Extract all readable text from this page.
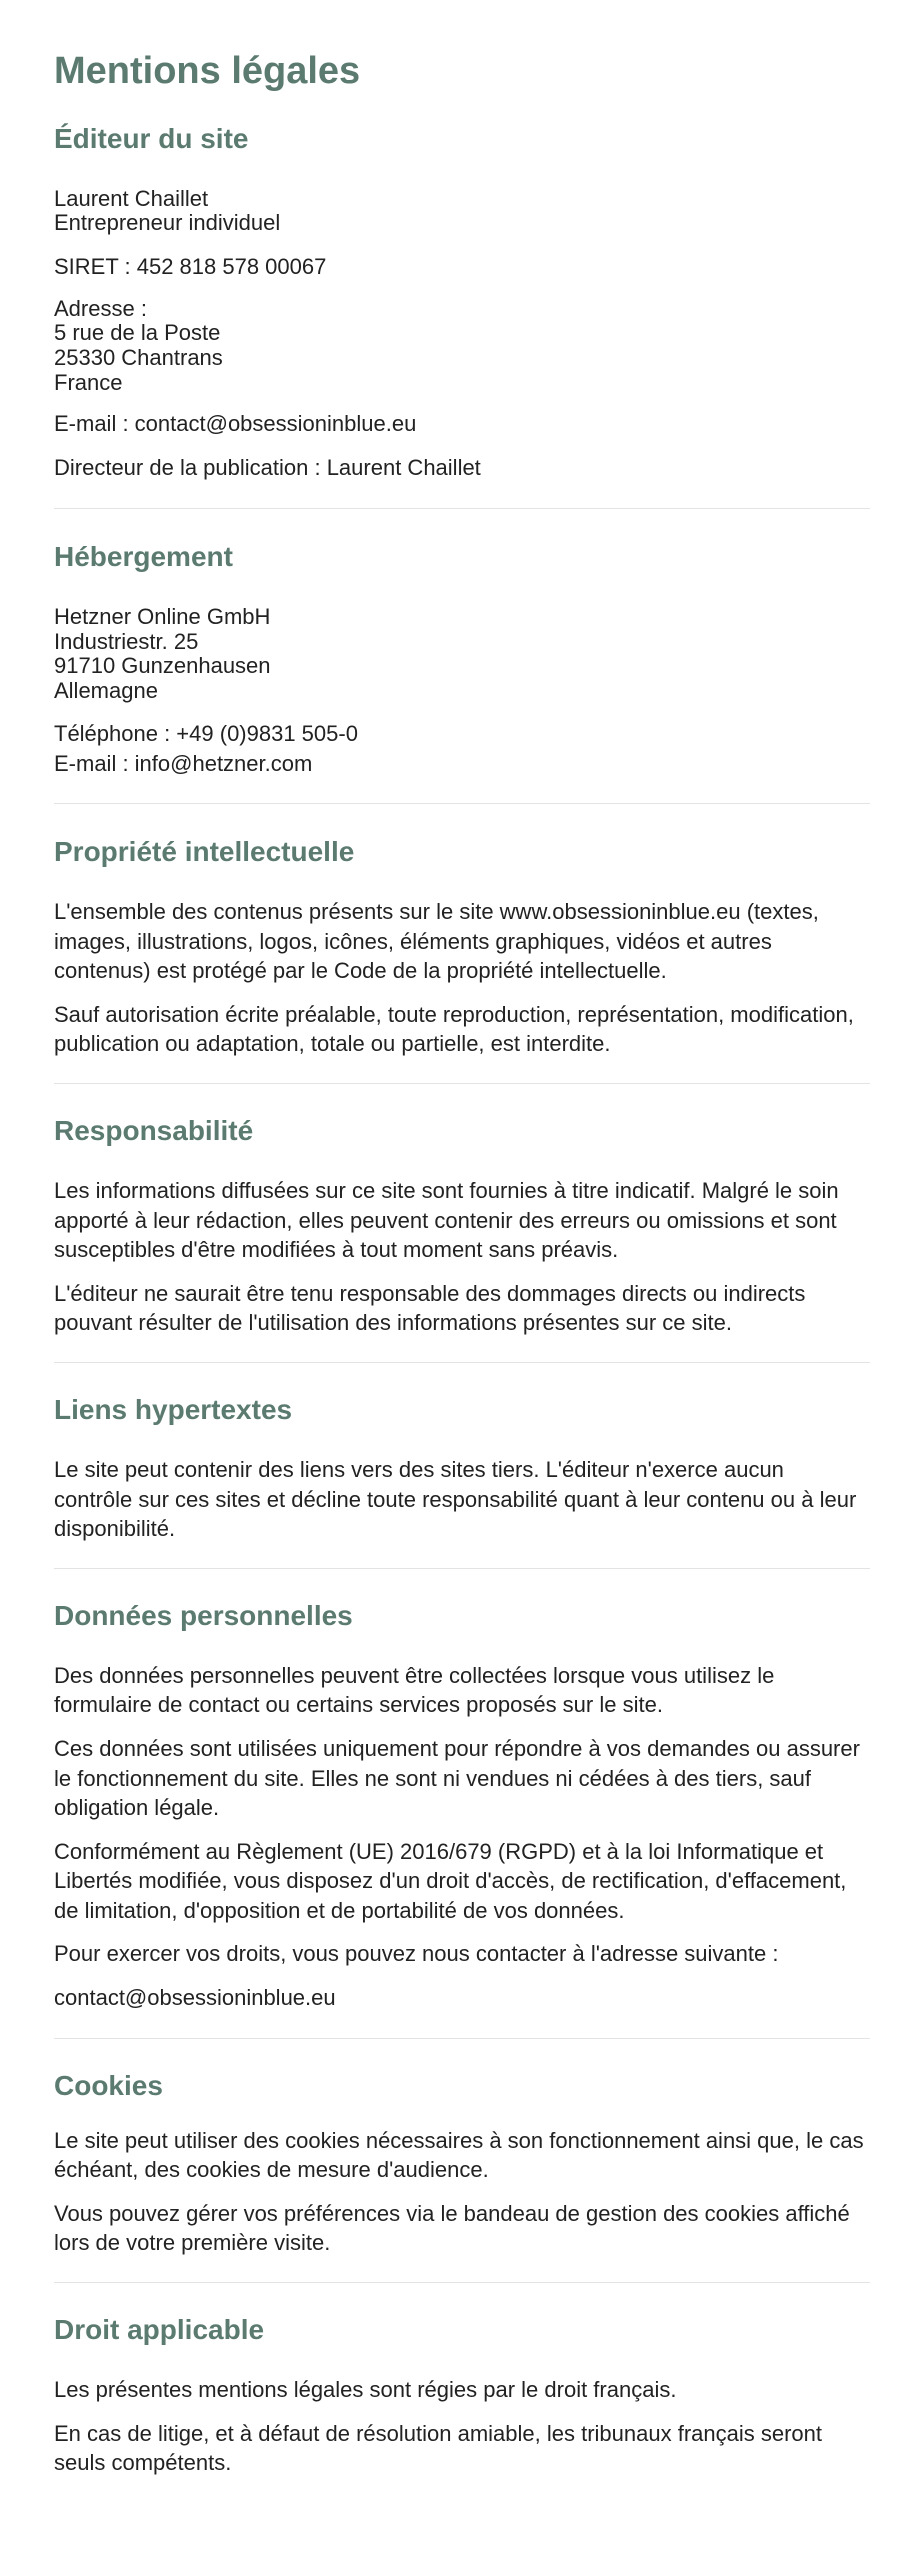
Mentions légales
Éditeur du site
Laurent Chaillet
Entrepreneur individuel
SIRET : 452 818 578 00067
Adresse :
5 rue de la Poste
25330 Chantrans
France
E-mail : contact@obsessioninblue.eu
Directeur de la publication : Laurent Chaillet
Hébergement
Hetzner Online GmbH
Industriestr. 25
91710 Gunzenhausen
Allemagne
Téléphone : +49 (0)9831 505-0
E-mail : info@hetzner.com
Propriété intellectuelle
L'ensemble des contenus présents sur le site www.obsessioninblue.eu (textes,
images, illustrations, logos, icônes, éléments graphiques, vidéos et autres
contenus) est protégé par le Code de la propriété intellectuelle.
Sauf autorisation écrite préalable, toute reproduction, représentation, modification,
publication ou adaptation, totale ou partielle, est interdite.
Responsabilité
Les informations diffusées sur ce site sont fournies à titre indicatif. Malgré le soin
apporté à leur rédaction, elles peuvent contenir des erreurs ou omissions et sont
susceptibles d'être modifiées à tout moment sans préavis.
L'éditeur ne saurait être tenu responsable des dommages directs ou indirects
pouvant résulter de l'utilisation des informations présentes sur ce site.
Liens hypertextes
Le site peut contenir des liens vers des sites tiers. L'éditeur n'exerce aucun
contrôle sur ces sites et décline toute responsabilité quant à leur contenu ou à leur
disponibilité.
Données personnelles
Des données personnelles peuvent être collectées lorsque vous utilisez le
formulaire de contact ou certains services proposés sur le site.
Ces données sont utilisées uniquement pour répondre à vos demandes ou assurer
le fonctionnement du site. Elles ne sont ni vendues ni cédées à des tiers, sauf
obligation légale.
Conformément au Règlement (UE) 2016/679 (RGPD) et à la loi Informatique et
Libertés modifiée, vous disposez d'un droit d'accès, de rectification, d'effacement,
de limitation, d'opposition et de portabilité de vos données.
Pour exercer vos droits, vous pouvez nous contacter à l'adresse suivante :
contact@obsessioninblue.eu
Cookies
Le site peut utiliser des cookies nécessaires à son fonctionnement ainsi que, le cas
échéant, des cookies de mesure d'audience.
Vous pouvez gérer vos préférences via le bandeau de gestion des cookies affiché
lors de votre première visite.
Droit applicable
Les présentes mentions légales sont régies par le droit français.
En cas de litige, et à défaut de résolution amiable, les tribunaux français seront
seuls compétents.
